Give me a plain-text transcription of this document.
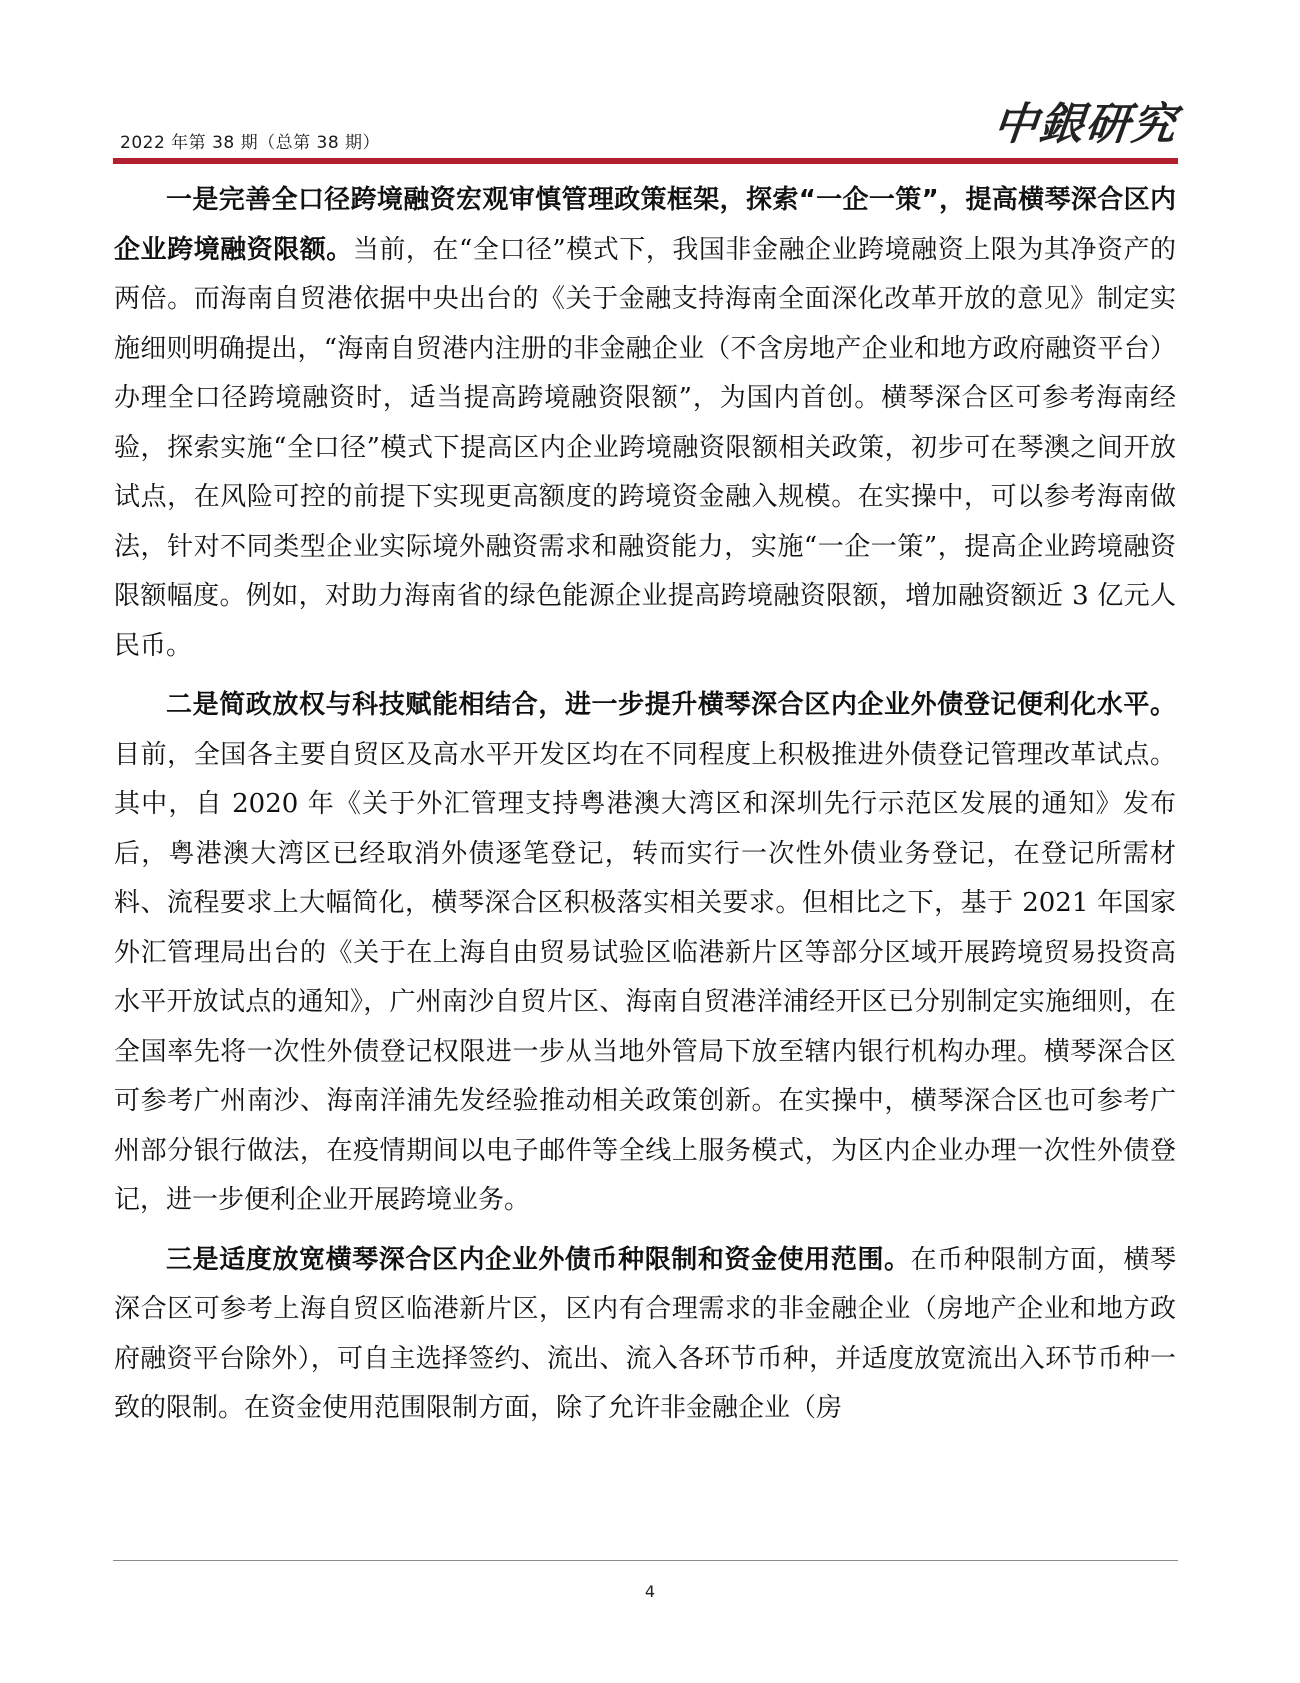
2022 年第 38 期（总第 38 期）	中銀研究

一是完善全口径跨境融资宏观审慎管理政策框架，探索“一企一策”，提高横琴深合区内企业跨境融资限额。当前，在“全口径”模式下，我国非金融企业跨境融资上限为其净资产的两倍。而海南自贸港依据中央出台的《关于金融支持海南全面深化改革开放的意见》制定实施细则明确提出，“海南自贸港内注册的非金融企业（不含房地产企业和地方政府融资平台）办理全口径跨境融资时，适当提高跨境融资限额”，为国内首创。横琴深合区可参考海南经验，探索实施“全口径”模式下提高区内企业跨境融资限额相关政策，初步可在琴澳之间开放试点，在风险可控的前提下实现更高额度的跨境资金融入规模。在实操中，可以参考海南做法，针对不同类型企业实际境外融资需求和融资能力，实施“一企一策”，提高企业跨境融资限额幅度。例如，对助力海南省的绿色能源企业提高跨境融资限额，增加融资额近 3 亿元人民币。

二是简政放权与科技赋能相结合，进一步提升横琴深合区内企业外债登记便利化水平。目前，全国各主要自贸区及高水平开发区均在不同程度上积极推进外债登记管理改革试点。其中，自 2020 年《关于外汇管理支持粤港澳大湾区和深圳先行示范区发展的通知》发布后，粤港澳大湾区已经取消外债逐笔登记，转而实行一次性外债业务登记，在登记所需材料、流程要求上大幅简化，横琴深合区积极落实相关要求。但相比之下，基于 2021 年国家外汇管理局出台的《关于在上海自由贸易试验区临港新片区等部分区域开展跨境贸易投资高水平开放试点的通知》，广州南沙自贸片区、海南自贸港洋浦经开区已分别制定实施细则，在全国率先将一次性外债登记权限进一步从当地外管局下放至辖内银行机构办理。横琴深合区可参考广州南沙、海南洋浦先发经验推动相关政策创新。在实操中，横琴深合区也可参考广州部分银行做法，在疫情期间以电子邮件等全线上服务模式，为区内企业办理一次性外债登记，进一步便利企业开展跨境业务。

三是适度放宽横琴深合区内企业外债币种限制和资金使用范围。在币种限制方面，横琴深合区可参考上海自贸区临港新片区，区内有合理需求的非金融企业（房地产企业和地方政府融资平台除外），可自主选择签约、流出、流入各环节币种，并适度放宽流出入环节币种一致的限制。在资金使用范围限制方面，除了允许非金融企业（房

4
